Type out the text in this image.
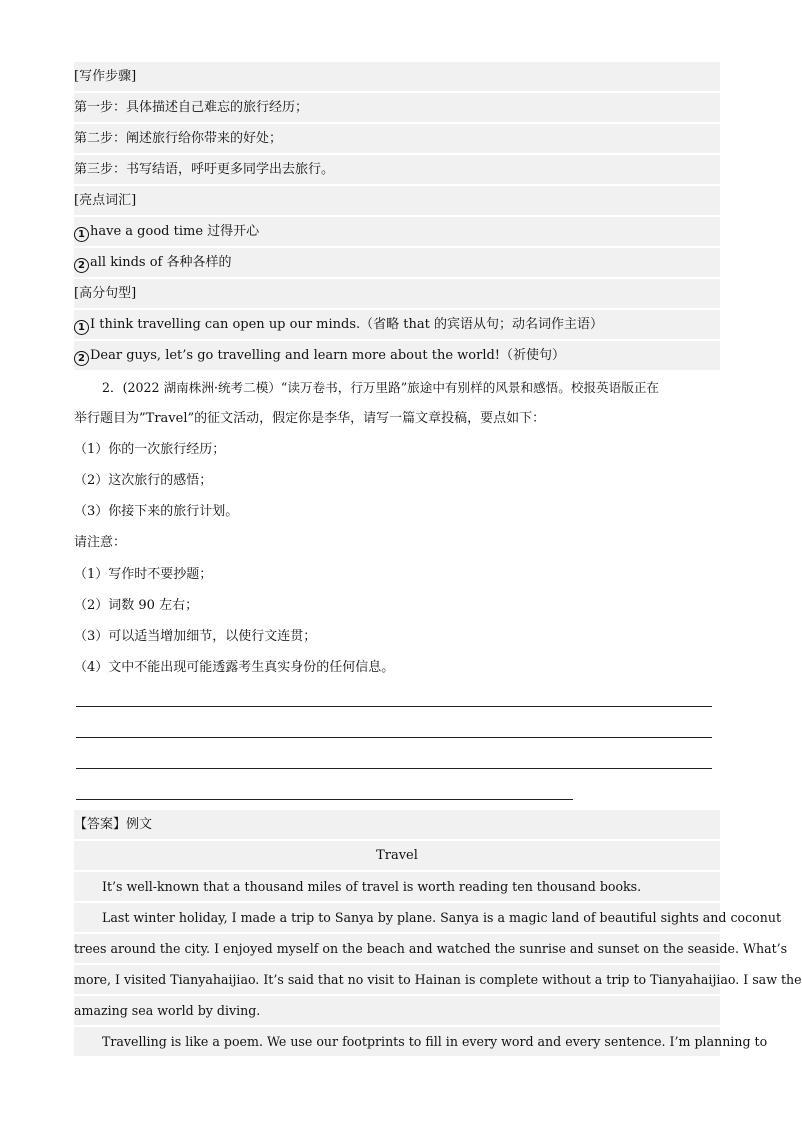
[写作步骤]
第一步：具体描述自己难忘的旅行经历；
第二步：阐述旅行给你带来的好处；
第三步：书写结语，呼吁更多同学出去旅行。
[亮点词汇]
1 have a good time 过得开心
2 all kinds of 各种各样的
[高分句型]
1 I think travelling can open up our minds.（省略 that 的宾语从句；动名词作主语）
2 Dear guys, let’s go travelling and learn more about the world!（祈使句）
2．(2022 湖南株洲·统考二模）“读万卷书，行万里路”旅途中有别样的风景和感悟。校报英语版正在
举行题目为”Travel”的征文活动，假定你是李华，请写一篇文章投稿，要点如下：
（1）你的一次旅行经历；
（2）这次旅行的感悟；
（3）你接下来的旅行计划。
请注意：
（1）写作时不要抄题；
（2）词数 90 左右；
（3）可以适当增加细节，以使行文连贯；
（4）文中不能出现可能透露考生真实身份的任何信息。
【答案】例文
Travel
It’s well-known that a thousand miles of travel is worth reading ten thousand books.
Last winter holiday, I made a trip to Sanya by plane. Sanya is a magic land of beautiful sights and coconut
trees around the city. I enjoyed myself on the beach and watched the sunrise and sunset on the seaside. What’s
more, I visited Tianyahaijiao. It’s said that no visit to Hainan is complete without a trip to Tianyahaijiao. I saw the
amazing sea world by diving.
Travelling is like a poem. We use our footprints to fill in every word and every sentence. I’m planning to
